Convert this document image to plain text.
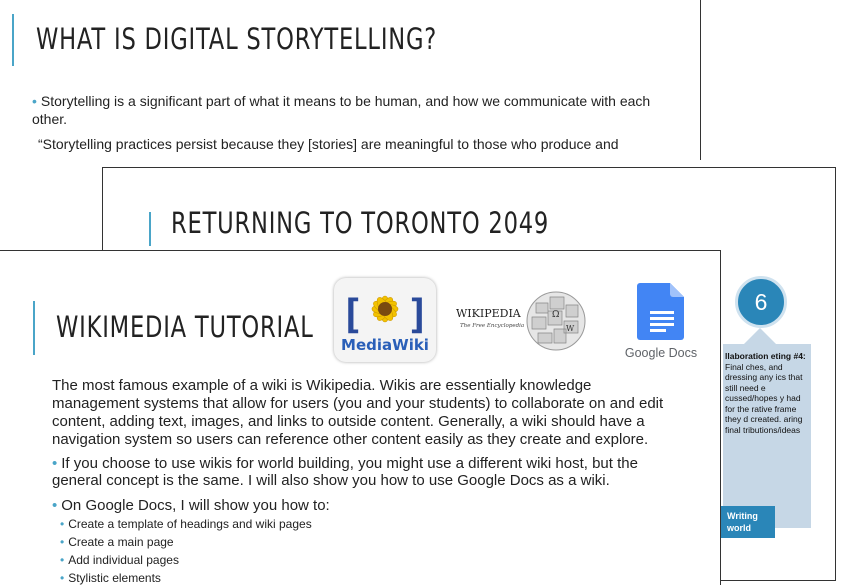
WHAT IS DIGITAL STORYTELLING?
• Storytelling is a significant part of what it means to be human, and how we communicate with each other.
“Storytelling practices persist because they [stories] are meaningful to those who produce and
RETURNING TO TORONTO 2049
6
llaboration eting #4: Final ches, and dressing any ics that still need e cussed/hopes y had for the rative frame they d created. aring final tributions/ideas
Writing world
WIKIMEDIA TUTORIAL [ ]
MediaWiki
WIKIPEDIA
The Free Encyclopedia
Ω
W
Google Docs
The most famous example of a wiki is Wikipedia. Wikis are essentially knowledge management systems that allow for users (you and your students) to collaborate on and edit content, adding text, images, and links to outside content. Generally, a wiki should have a navigation system so users can reference other content easily as they create and explore.
• If you choose to use wikis for world building, you might use a different wiki host, but the general concept is the same. I will also show you how to use Google Docs as a wiki.
• On Google Docs, I will show you how to:
• Create a template of headings and wiki pages
• Create a main page
• Add individual pages
• Stylistic elements
